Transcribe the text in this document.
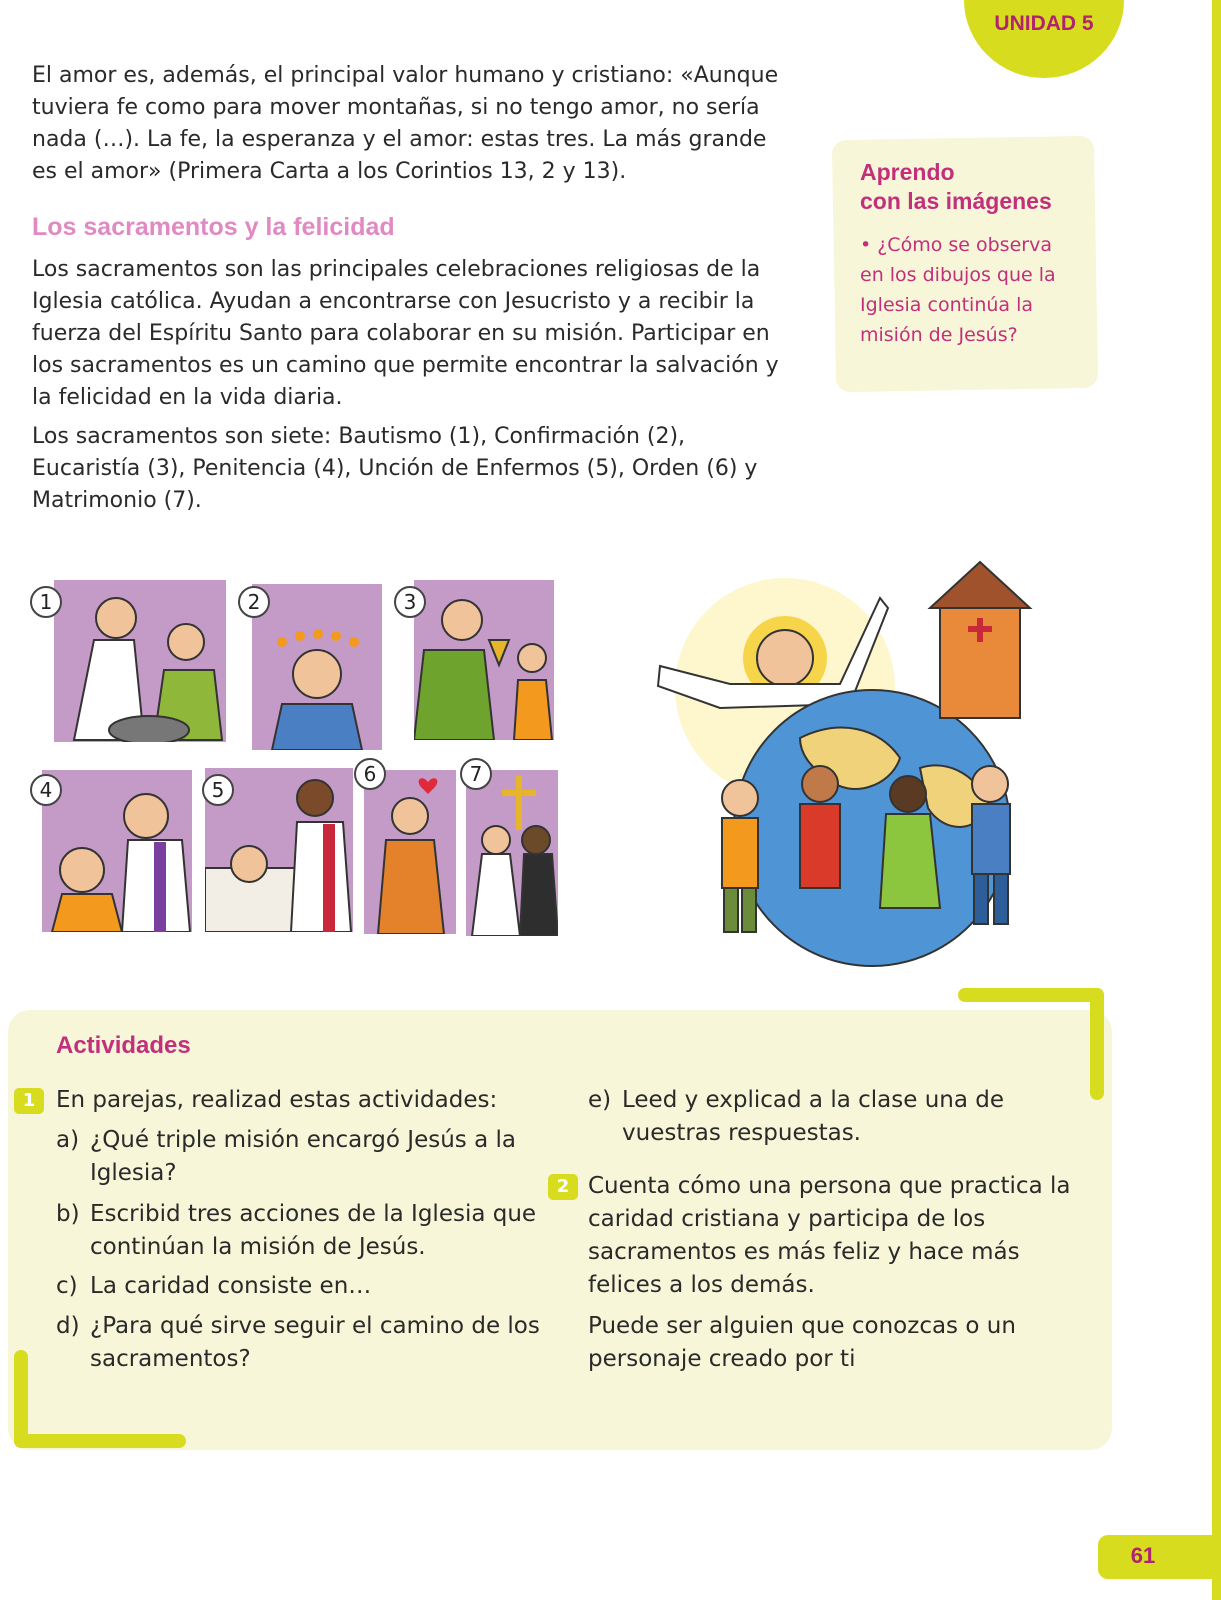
UNIDAD 5

El amor es, además, el principal valor humano y cristiano: «Aunque tuviera fe como para mover montañas, si no tengo amor, no sería nada (…). La fe, la esperanza y el amor: estas tres. La más grande es el amor» (Primera Carta a los Corintios 13, 2 y 13).

Los sacramentos y la felicidad

Los sacramentos son las principales celebraciones religiosas de la Iglesia católica. Ayudan a encontrarse con Jesucristo y a recibir la fuerza del Espíritu Santo para colaborar en su misión. Participar en los sacramentos es un camino que permite encontrar la salvación y la felicidad en la vida diaria.

Los sacramentos son siete: Bautismo (1), Confirmación (2), Eucaristía (3), Penitencia (4), Unción de Enfermos (5), Orden (6) y Matrimonio (7).

Aprendo
con las imágenes

• ¿Cómo se observa en los dibujos que la Iglesia continúa la misión de Jesús?

1	2	3
4	5
6	7
Actividades
1 En parejas, realizad estas actividades:

a) ¿Qué triple misión encargó Jesús a la Iglesia?

b) Escribid tres acciones de la Iglesia que continúan la misión de Jesús.

c) La caridad consiste en…

d) ¿Para qué sirve seguir el camino de los sacramentos?

e) Leed y explicad a la clase una de vuestras respuestas.

2 Cuenta cómo una persona que practica la caridad cristiana y participa de los sacramentos es más feliz y hace más felices a los demás.

Puede ser alguien que conozcas o un personaje creado por ti

61
